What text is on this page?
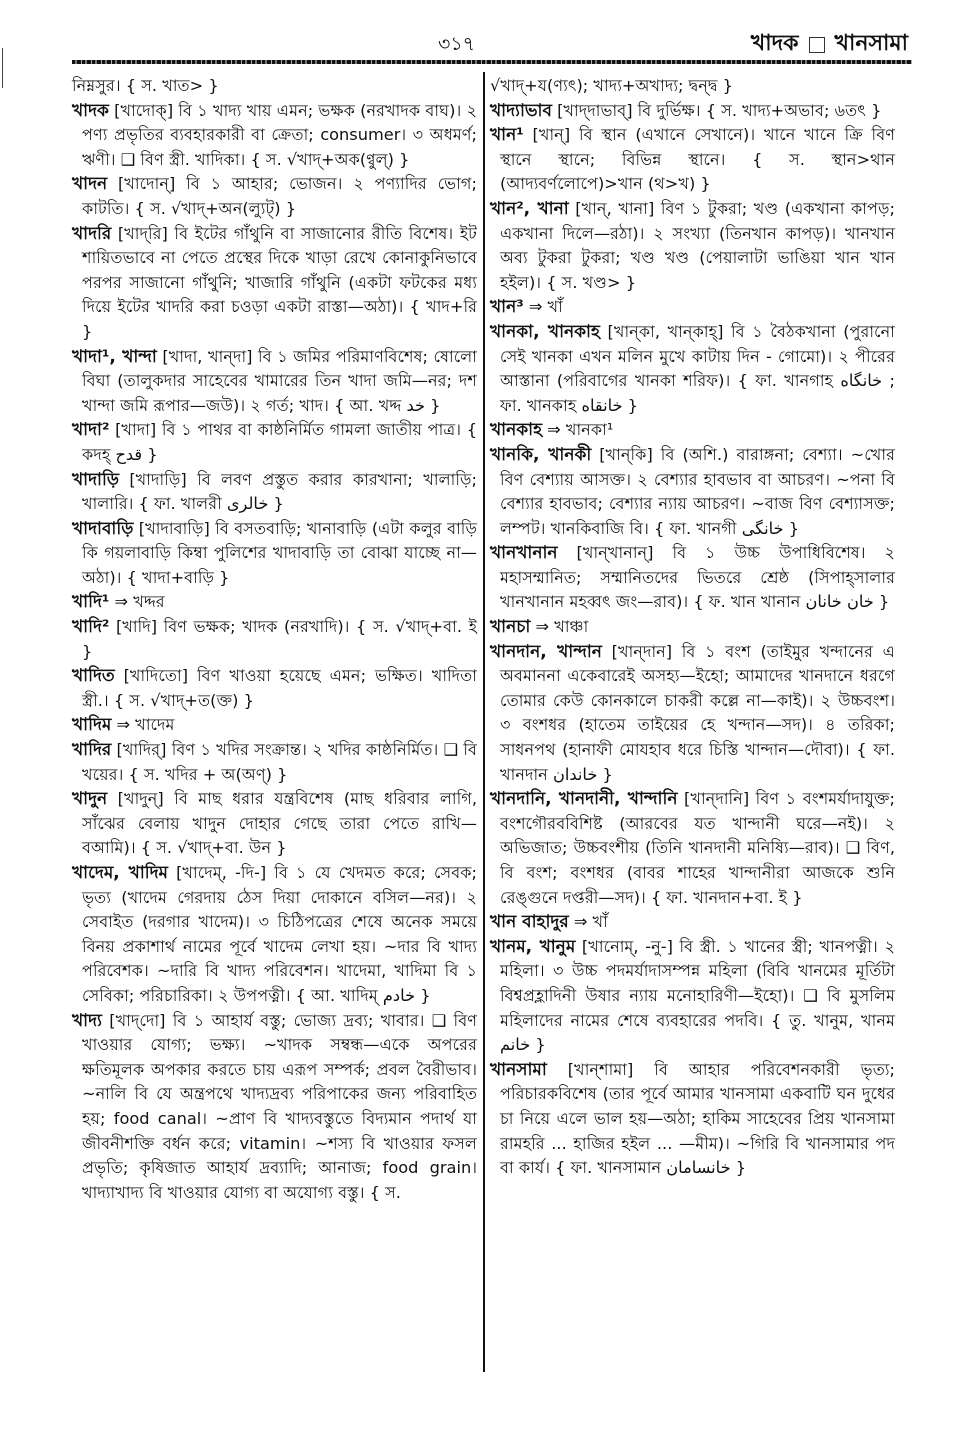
৩১৭	খাদক খানসামা

নিম্নসুর। { স. খাত> }

খাদক [খাদোক্] বি ১ খাদ্য খায় এমন; ভক্ষক (নরখাদক বাঘ)। ২ পণ্য প্রভৃতির ব্যবহারকারী বা ক্রেতা; consumer। ৩ অধমর্ণ; ঋণী। ❑ বিণ স্ত্রী. খাদিকা। { স. √খাদ্+অক(ণ্বুল্) }

খাদন [খাদোন্] বি ১ আহার; ভোজন। ২ পণ্যাদির ভোগ; কাটতি। { স. √খাদ্+অন(ল্যুট্) }

খাদরি [খাদ্‌রি] বি ইটের গাঁথুনি বা সাজানোর রীতি বিশেষ। ইট শায়িতভাবে না পেতে প্রস্থের দিকে খাড়া রেখে কোনাকুনিভাবে পরপর সাজানো গাঁথুনি; খাজারি গাঁথুনি (একটা ফটকের মধ্য দিয়ে ইটের খাদরি করা চওড়া একটা রাস্তা—অঠা)। { খাদ+রি }

খাদা¹, খান্দা [খাদা, খান্‌দা] বি ১ জমির পরিমাণবিশেষ; ষোলো বিঘা (তালুকদার সাহেবের খামারের তিন খাদা জমি—নর; দশ খান্দা জমি রূপার—জউ)। ২ গর্ত; খাদ। { আ. খদ্দ خد }

খাদা² [খাদা] বি ১ পাথর বা কাষ্ঠনির্মিত গামলা জাতীয় পাত্র। { কদহ্ قدح }

খাদাড়ি [খাদাড়ি] বি লবণ প্রস্তুত করার কারখানা; খালাড়ি; খালারি। { ফা. খালরী خالری }

খাদাবাড়ি [খাদাবাড়ি] বি বসতবাড়ি; খানাবাড়ি (এটা কলুর বাড়ি কি গয়লাবাড়ি কিম্বা পুলিশের খাদাবাড়ি তা বোঝা যাচ্ছে না—অঠা)। { খাদা+বাড়ি }

খাদি¹ ⇒ খদ্দর

খাদি² [খাদি] বিণ ভক্ষক; খাদক (নরখাদি)। { স. √খাদ্+বা. ই }

খাদিত [খাদিতো] বিণ খাওয়া হয়েছে এমন; ভক্ষিত। খাদিতা স্ত্রী.। { স. √খাদ্+ত(ক্ত) }

খাদিম ⇒ খাদেম

খাদির [খাদির্] বিণ ১ খদির সংক্রান্ত। ২ খদির কাষ্ঠনির্মিত। ❑ বি খয়ের। { স. খদির + অ(অণ্) }

খাদুন [খাদুন্] বি মাছ ধরার যন্ত্রবিশেষ (মাছ ধরিবার লাগি, সাঁঝের বেলায় খাদুন দোহার গেছে তারা পেতে রাখি—বআমি)। { স. √খাদ্+বা. উন }

খাদেম, খাদিম [খাদেম্, -দি-] বি ১ যে খেদমত করে; সেবক; ভৃত্য (খাদেম গেরদায় ঠেস দিয়া দোকানে বসিল—নর)। ২ সেবাইত (দরগার খাদেম)। ৩ চিঠিপত্রের শেষে অনেক সময়ে বিনয় প্রকাশার্থ নামের পূর্বে খাদেম লেখা হয়। ~দার বি খাদ্য পরিবেশক। ~দারি বি খাদ্য পরিবেশন। খাদেমা, খাদিমা বি ১ সেবিকা; পরিচারিকা। ২ উপপত্নী। { আ. খাদিম্ خادم }

খাদ্য [খাদ্‌দো] বি ১ আহার্য বস্তু; ভোজ্য দ্রব্য; খাবার। ❑ বিণ খাওয়ার যোগ্য; ভক্ষ্য। ~খাদক সম্বন্ধ—একে অপরের ক্ষতিমূলক অপকার করতে চায় এরূপ সম্পর্ক; প্রবল বৈরীভাব। ~নালি বি যে অন্ত্রপথে খাদ্যদ্রব্য পরিপাকের জন্য পরিবাহিত হয়; food canal। ~প্রাণ বি খাদ্যবস্তুতে বিদ্যমান পদার্থ যা জীবনীশক্তি বর্ধন করে; vitamin। ~শস্য বি খাওয়ার ফসল প্রভৃতি; কৃষিজাত আহার্য দ্রব্যাদি; আনাজ; food grain। খাদ্যাখাদ্য বি খাওয়ার যোগ্য বা অযোগ্য বস্তু। { স.

√খাদ্+য(ণ্যৎ); খাদ্য+অখাদ্য; দ্বন্দ্ব }

খাদ্যাভাব [খাদ্‌দাভাব্] বি দুর্ভিক্ষ। { স. খাদ্য+অভাব; ৬তৎ }

খান¹ [খান্] বি স্থান (এখানে সেখানে)। খানে খানে ক্রি বিণ স্থানে স্থানে; বিভিন্ন স্থানে। { স. স্থান>থান (আদ্যবর্ণলোপে)>খান (থ>খ) }

খান², খানা [খান্, খানা] বিণ ১ টুকরা; খণ্ড (একখানা কাপড়; একখানা দিলে—রঠা)। ২ সংখ্যা (তিনখান কাপড়)। খানখান অব্য টুকরা টুকরা; খণ্ড খণ্ড (পেয়ালাটা ভাঙিয়া খান খান হইল)। { স. খণ্ড> }

খান³ ⇒ খাঁ

খানকা, খানকাহ [খান্‌কা, খান্‌কাহ্] বি ১ বৈঠকখানা (পুরানো সেই খানকা এখন মলিন মুখে কাটায় দিন - গোমো)। ২ পীরের আস্তানা (পরিবাগের খানকা শরিফ)। { ফা. খানগাহ خانگاه ; ফা. খানকাহ خانقاه }

খানকাহ ⇒ খানকা¹

খানকি, খানকী [খান্‌কি] বি (অশি.) বারাঙ্গনা; বেশ্যা। ~খোর বিণ বেশ্যায় আসক্ত। ২ বেশ্যার হাবভাব বা আচরণ। ~পনা বি বেশ্যার হাবভাব; বেশ্যার ন্যায় আচরণ। ~বাজ বিণ বেশ্যাসক্ত; লম্পট। খানকিবাজি বি। { ফা. খানগী خانگی }

খানখানান [খান্‌খানান্] বি ১ উচ্চ উপাধিবিশেষ। ২ মহাসম্মানিত; সম্মানিতদের ভিতরে শ্রেষ্ঠ (সিপাহ্‌সালার খানখানান মহব্বৎ জং—রাব)। { ফ. খান খানান خان خانان }

খানচা ⇒ খাঞ্চা

খানদান, খান্দান [খান্‌দান] বি ১ বংশ (তাইমুর খন্দানের এ অবমাননা একেবারেই অসহ্য—ইহো; আমাদের খানদানে ধরগে তোমার কেউ কোনকালে চাকরী কল্লে না—কাই)। ২ উচ্চবংশ। ৩ বংশধর (হাতেম তাইয়ের হে খন্দান—সদ)। ৪ তরিকা; সাধনপথ (হানাফী মোযহাব ধরে চিস্তি খান্দান—দৌবা)। { ফা. খানদান خاندان }

খানদানি, খানদানী, খান্দানি [খান্‌দানি] বিণ ১ বংশমর্যাদাযুক্ত; বংশগৌরববিশিষ্ট (আরবের যত খান্দানী ঘরে—নই)। ২ অভিজাত; উচ্চবংশীয় (তিনি খানদানী মনিষ্যি—রাব)। ❑ বিণ, বি বংশ; বংশধর (বাবর শাহের খান্দানীরা আজকে শুনি রেঙ্গুনে দপ্তরী—সদ)। { ফা. খানদান+বা. ই }

খান বাহাদুর ⇒ খাঁ

খানম, খানুম [খানোম্, -নু-] বি স্ত্রী. ১ খানের স্ত্রী; খানপত্নী। ২ মহিলা। ৩ উচ্চ পদমর্যাদাসম্পন্ন মহিলা (বিবি খানমের মূর্তিটা বিশ্বপ্রহ্লাদিনী উষার ন্যায় মনোহারিণী—ইহো)। ❑ বি মুসলিম মহিলাদের নামের শেষে ব্যবহারের পদবি। { তু. খানুম, খানম خانم }

খানসামা [খান্‌শামা] বি আহার পরিবেশনকারী ভৃত্য; পরিচারকবিশেষ (তার পূর্বে আমার খানসামা একবাটি ঘন দুধের চা নিয়ে এলে ভাল হয়—অঠা; হাকিম সাহেবের প্রিয় খানসামা রামহরি ... হাজির হইল ... —মীম)। ~গিরি বি খানসামার পদ বা কার্য। { ফা. খানসামান خانسامان }
